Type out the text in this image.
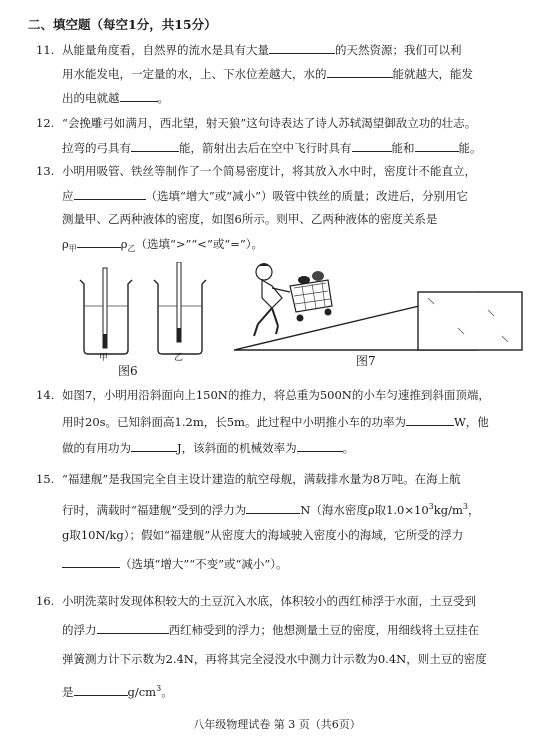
二、填空题（每空1分，共15分）
11. 从能量角度看，自然界的流水是具有大量	的天然资源；我们可以利
用水能发电，一定量的水，上、下水位差越大，水的	能就越大，能发
出的电就越	。
12. “会挽雕弓如满月，西北望，射天狼”这句诗表达了诗人苏轼渴望御敌立功的壮志。
拉弯的弓具有	能，箭射出去后在空中飞行时具有	能和	能。
13. 小明用吸管、铁丝等制作了一个简易密度计，将其放入水中时，密度计不能直立，
应	（选填“增大”或“减小”）吸管中铁丝的质量；改进后，分别用它
测量甲、乙两种液体的密度，如图6所示。则甲、乙两种液体的密度关系是
$\rho_甲$	$\rho_乙$（选填“>”“<”或“=”）。
甲	乙
图6
图7
14. 如图7，小明用沿斜面向上150N的推力，将总重为500N的小车匀速推到斜面顶端，
用时20s。已知斜面高1.2m，长5m。此过程中小明推小车的功率为	W，他
做的有用功为	J，该斜面的机械效率为	。
15. “福建舰”是我国完全自主设计建造的航空母舰，满载排水量为8万吨。在海上航
行时，满载时“福建舰”受到的浮力为	N（海水密度ρ取$1.0\times 10^3kg/m^3$，
g取10N/kg）；假如“福建舰”从密度大的海域驶入密度小的海域，它所受的浮力
（选填“增大”“不变”或“减小”）。
16. 小明洗菜时发现体积较大的土豆沉入水底，体积较小的西红柿浮于水面，土豆受到
的浮力	西红柿受到的浮力；他想测量土豆的密度，用细线将土豆挂在
弹簧测力计下示数为2.4N，再将其完全浸没水中测力计示数为0.4N，则土豆的密度
是	$g/cm^3$。
八年级物理试卷 第 3 页（共6页）
